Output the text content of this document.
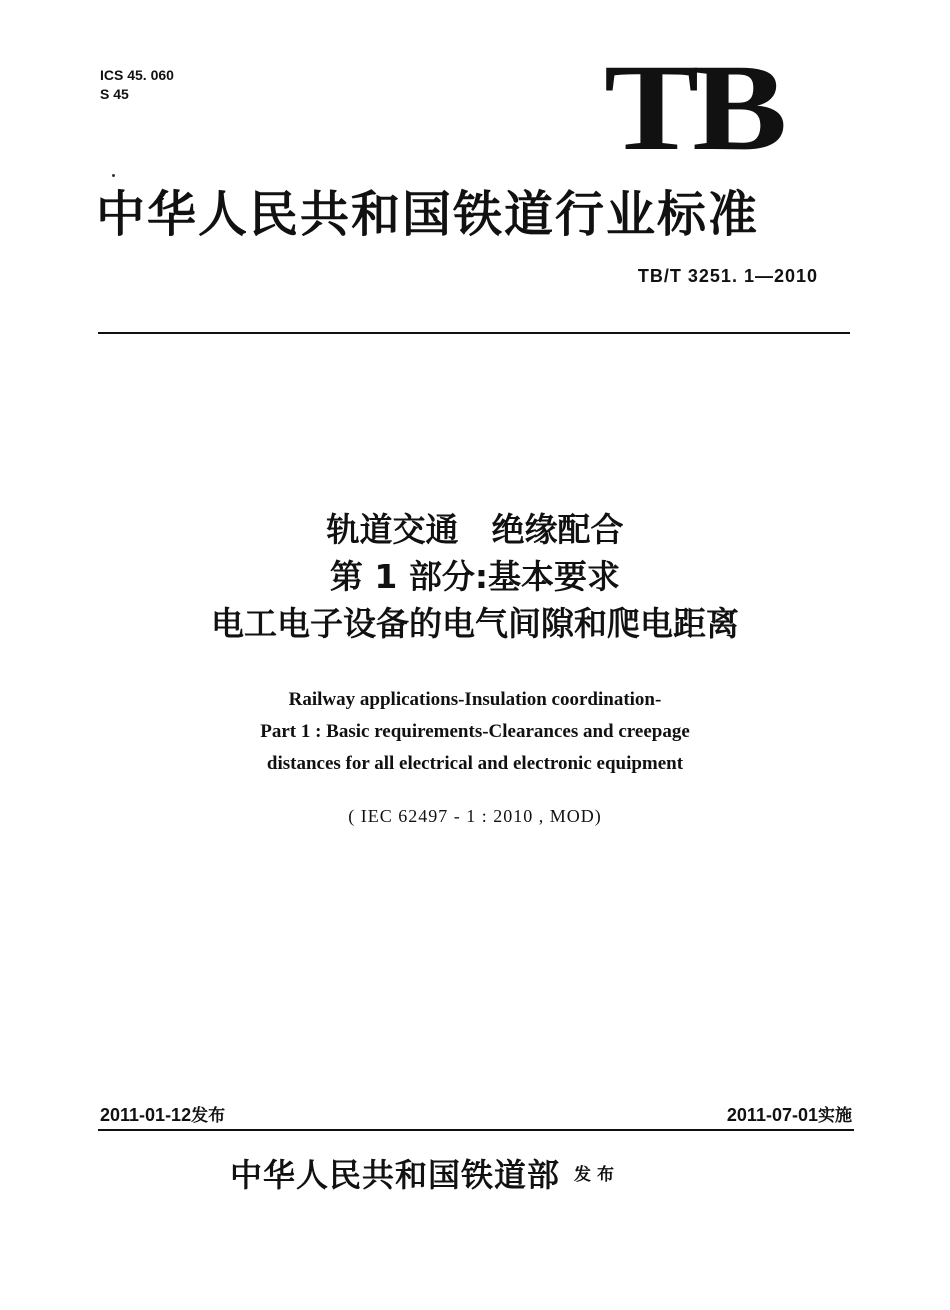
ICS 45. 060
S 45	TB
中华人民共和国铁道行业标准
TB/T 3251. 1—2010
轨道交通　绝缘配合
第 1 部分:基本要求
电工电子设备的电气间隙和爬电距离
Railway applications-Insulation coordination-
Part 1 : Basic requirements-Clearances and creepage
distances for all electrical and electronic equipment
( IEC 62497 - 1 : 2010 , MOD)
2011-01-12发布	2011-07-01实施
中华人民共和国铁道部 发布
